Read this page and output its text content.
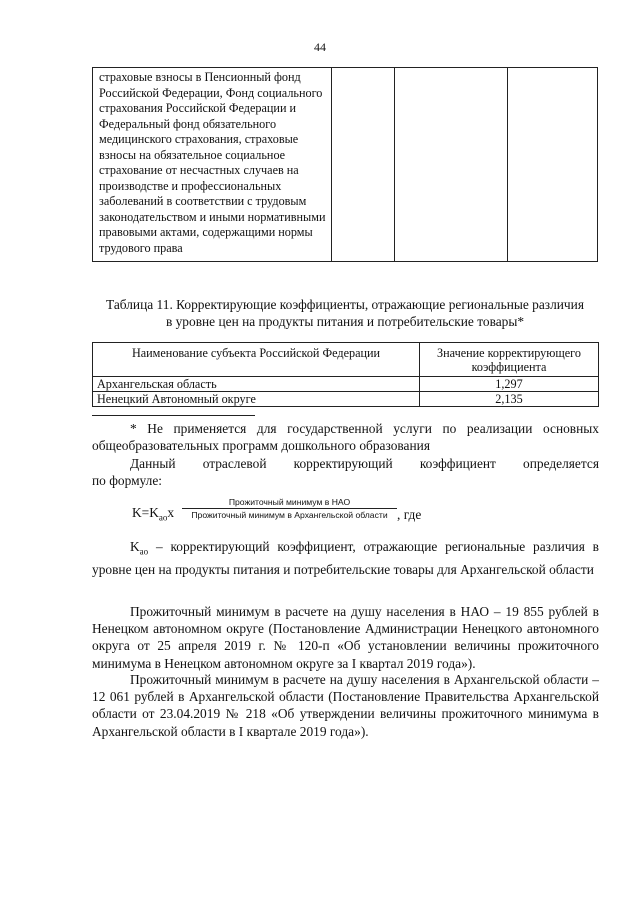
44
страховые взносы в Пенсионный фонд Российской Федерации, Фонд социального страхования Российской Федерации и Федеральный фонд обязательного медицинского страхования, страховые взносы на обязательное социальное страхование от несчастных случаев на производстве и профессиональных заболеваний в соответствии с трудовым законодательством и иными нормативными правовыми актами, содержащими нормы трудового права

Таблица 11. Корректирующие коэффициенты, отражающие региональные различия
в уровне цен на продукты питания и потребительские товары*
Наименование субъекта Российской Федерации	Значение корректирующего коэффициента
Архангельская область	1,297
Ненецкий Автономный округе	2,135
* Не применяется для государственной услуги по реализации основных общеобразовательных программ дошкольного образования
Данный отраслевой корректирующий коэффициент определяется
по формуле:
$K=K_{ao}x$
Прожиточный минимум в НАО
Прожиточный минимум в Архангельской области , где
$K_{ao}$ – корректирующий коэффициент, отражающие региональные различия в уровне цен на продукты питания и потребительские товары для Архангельской области
Прожиточный минимум в расчете на душу населения в НАО – 19 855 рублей в Ненецком автономном округе (Постановление Администрации Ненецкого автономного округа от 25 апреля 2019 г. № 120-п «Об установлении величины прожиточного минимума в Ненецком автономном округе за I квартал 2019 года»).
Прожиточный минимум в расчете на душу населения в Архангельской области – 12 061 рублей в Архангельской области (Постановление Правительства Архангельской области от 23.04.2019 № 218 «Об утверждении величины прожиточного минимума в Архангельской области в I квартале 2019 года»).
